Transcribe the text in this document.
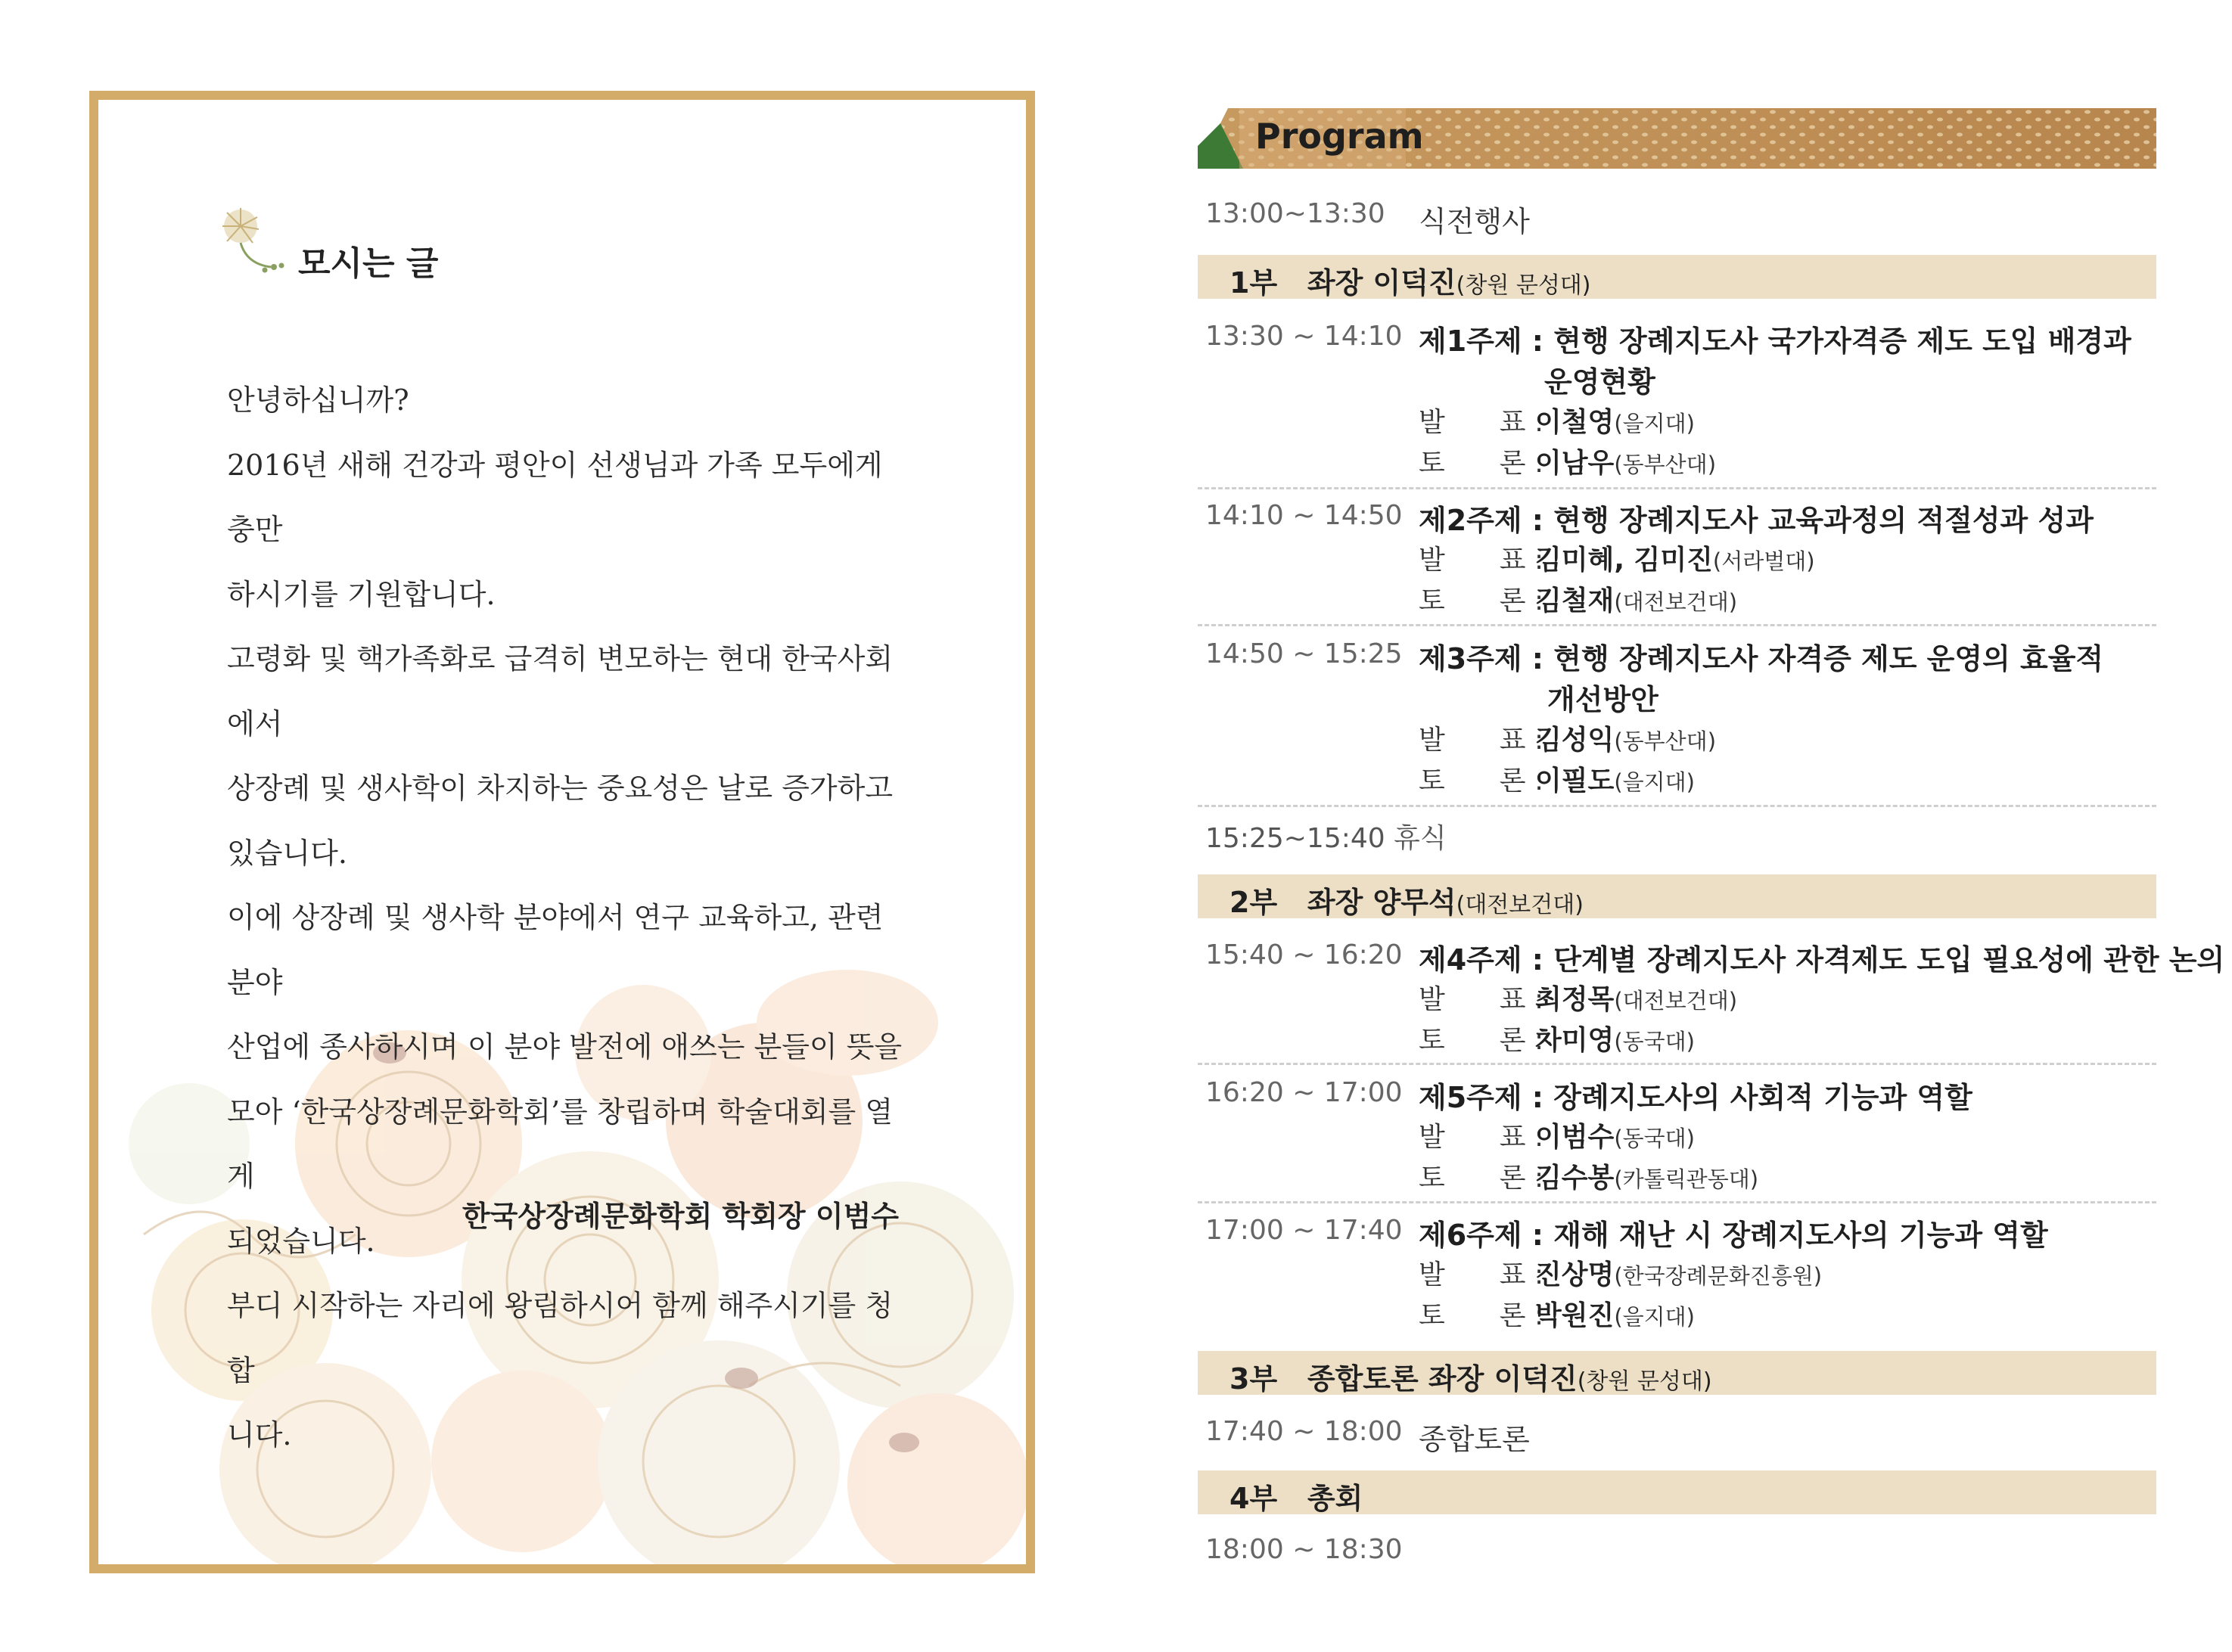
모시는 글

안녕하십니까?

2016년 새해 건강과 평안이 선생님과 가족 모두에게 충만

하시기를 기원합니다.

고령화 및 핵가족화로 급격히 변모하는 현대 한국사회에서

상장례 및 생사학이 차지하는 중요성은 날로 증가하고

있습니다.

이에 상장례 및 생사학 분야에서 연구 교육하고, 관련 분야

산업에 종사하시며 이 분야 발전에 애쓰는 분들이 뜻을

모아 ‘한국상장례문화학회’를 창립하며 학술대회를 열게

되었습니다.

부디 시작하는 자리에 왕림하시어 함께 해주시기를 청합

니다.

한국상장례문화학회 학회장 이범수
Program
13:00~13:30 식전행사
1부 좌장 이덕진(창원 문성대)
13:30 ~ 14:10 제1주제 : 현행 장례지도사 국가자격증 제도 도입 배경과
운영현황
발　　표 :이철영(을지대)
토　　론 :이남우(동부산대)
14:10 ~ 14:50 제2주제 : 현행 장례지도사 교육과정의 적절성과 성과
발　　표 :김미혜, 김미진(서라벌대)
토　　론 :김철재(대전보건대)
14:50 ~ 15:25 제3주제 : 현행 장례지도사 자격증 제도 운영의 효율적
개선방안
발　　표 :김성익(동부산대)
토　　론 :이필도(을지대)
15:25~15:40 휴식
2부 좌장 양무석(대전보건대)
15:40 ~ 16:20 제4주제 : 단계별 장례지도사 자격제도 도입 필요성에 관한 논의
발　　표 :최정목(대전보건대)
토　　론 :차미영(동국대)
16:20 ~ 17:00 제5주제 : 장례지도사의 사회적 기능과 역할
발　　표 :이범수(동국대)
토　　론 :김수봉(카톨릭관동대)
17:00 ~ 17:40 제6주제 : 재해 재난 시 장례지도사의 기능과 역할
발　　표 :진상명(한국장례문화진흥원)
토　　론 :박원진(을지대)
3부 종합토론 좌장 이덕진(창원 문성대)
17:40 ~ 18:00 종합토론
4부 총회
18:00 ~ 18:30
